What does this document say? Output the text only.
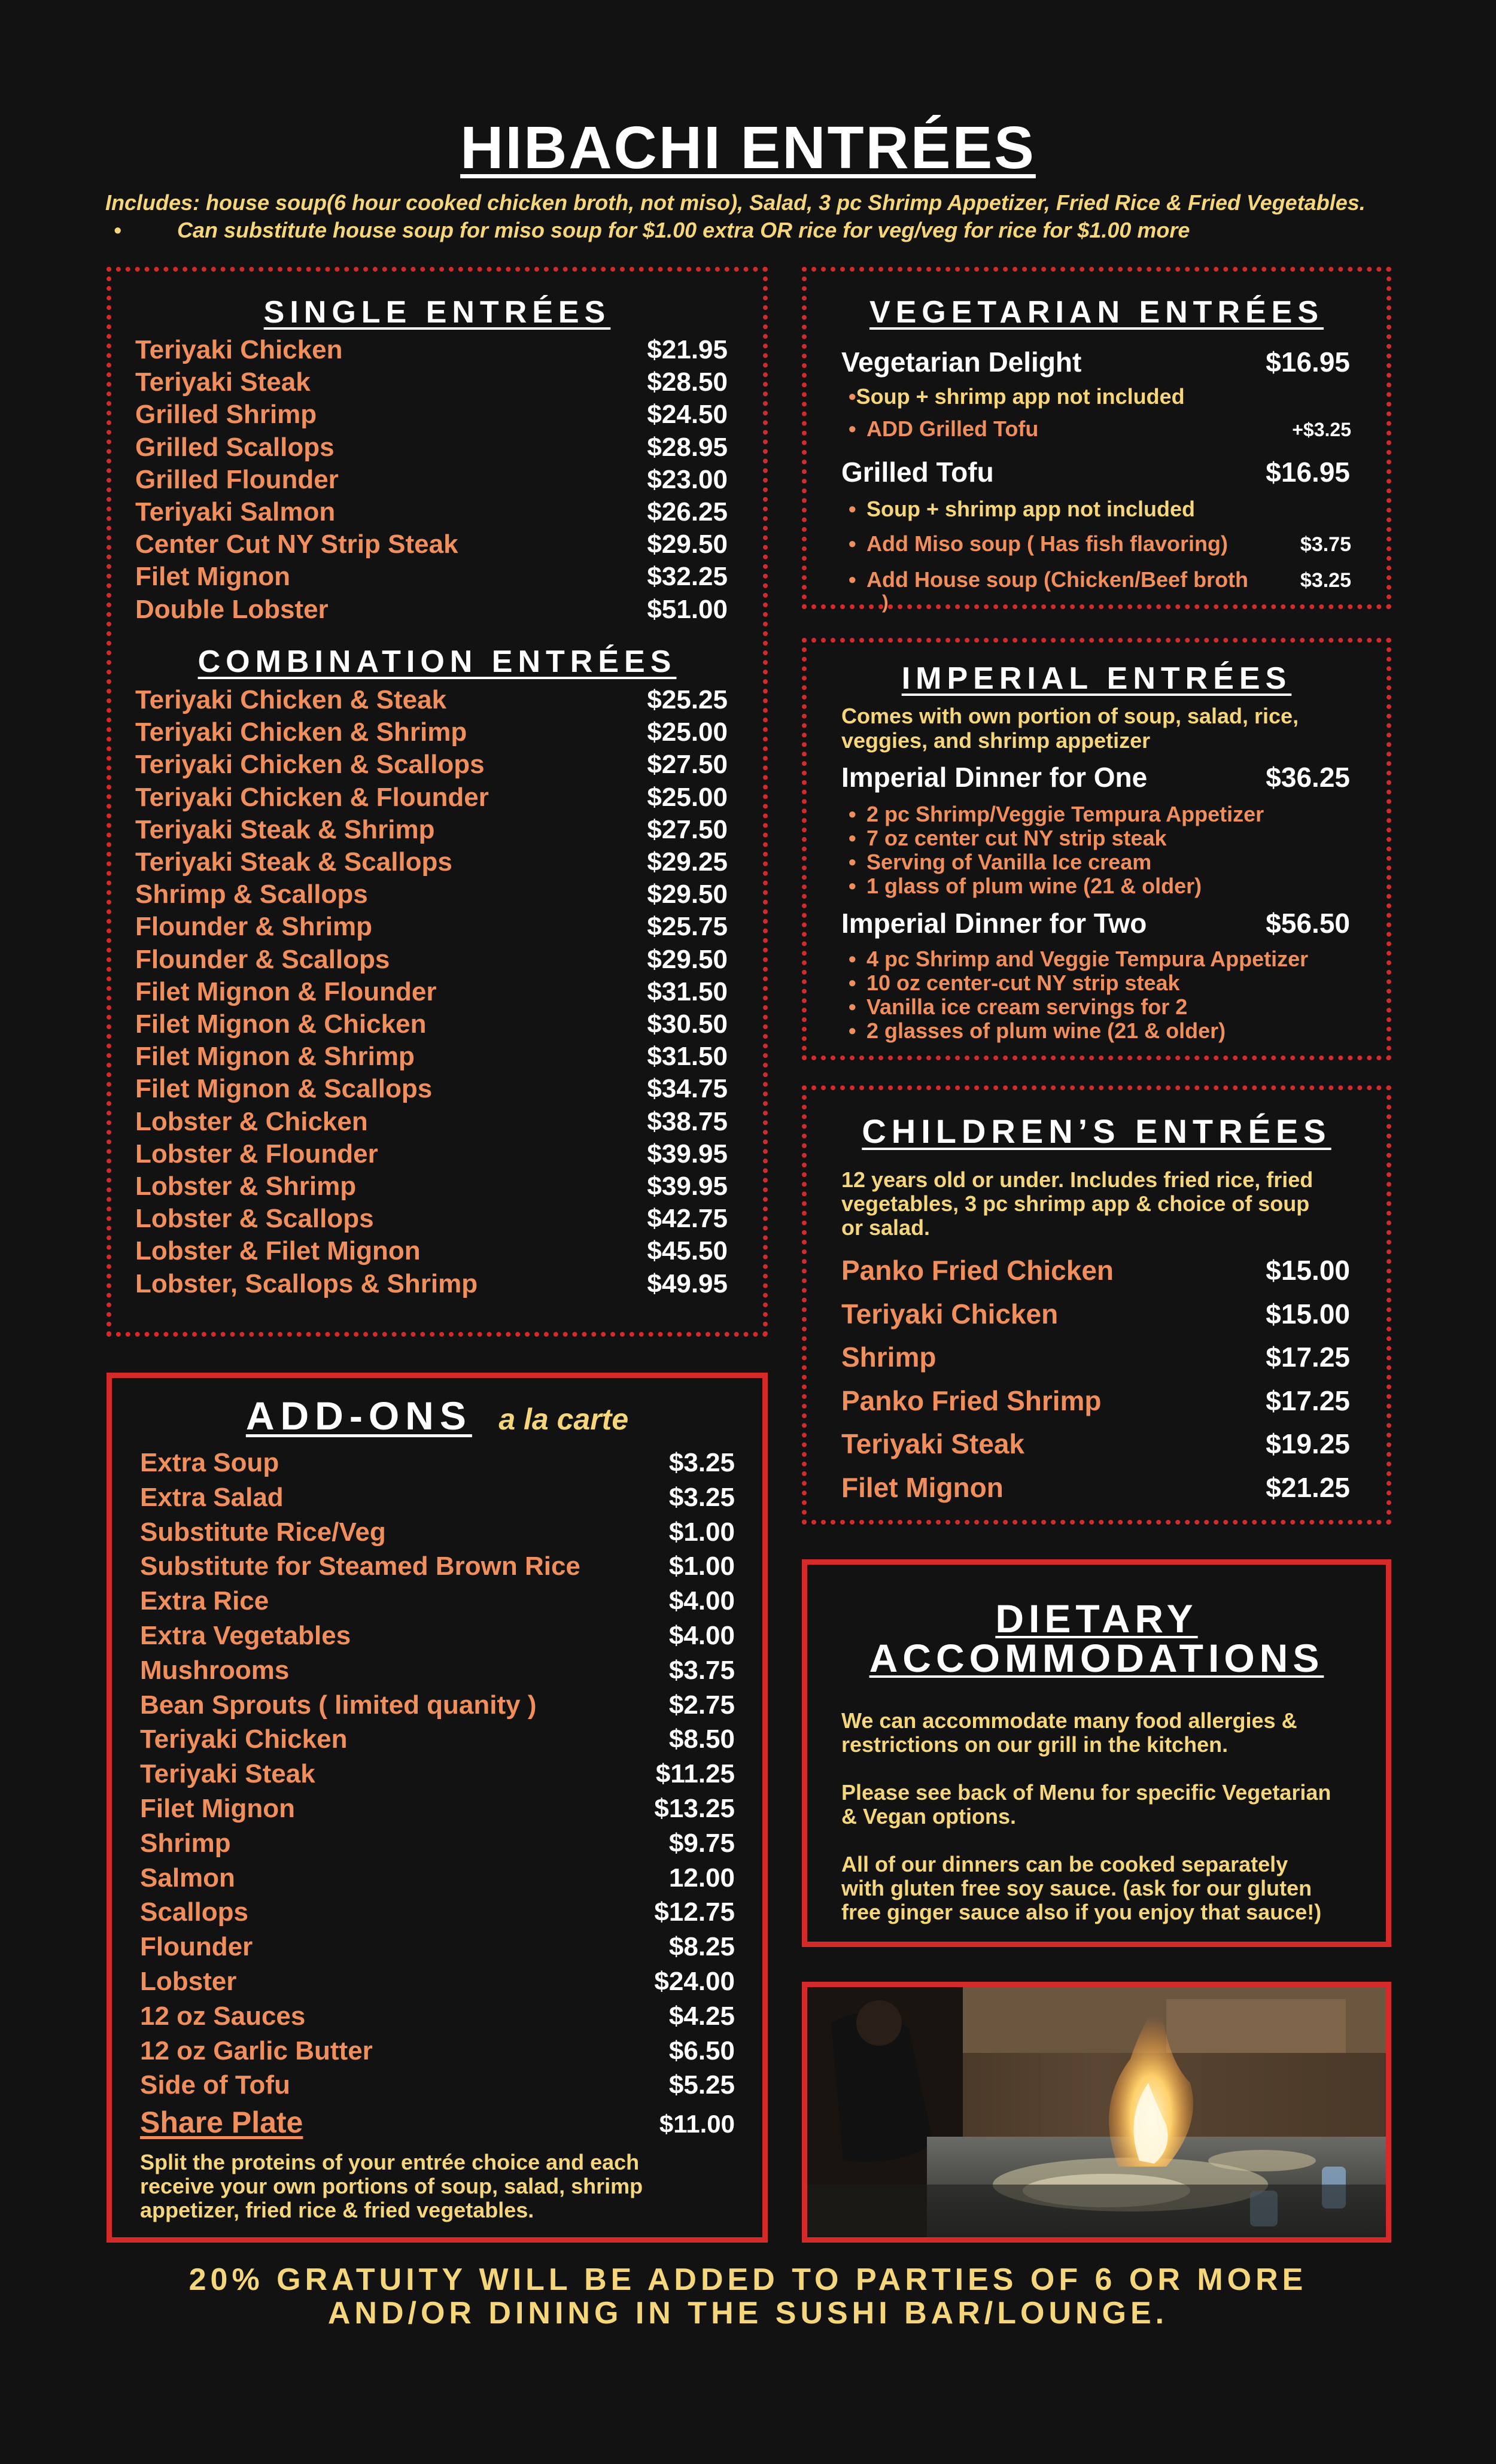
HIBACHI ENTRÉES
Includes: house soup(6 hour cooked chicken broth, not miso), Salad, 3 pc Shrimp Appetizer, Fried Rice & Fried Vegetables.
•	Can substitute house soup for miso soup for $1.00 extra OR rice for veg/veg for rice for $1.00 more
SINGLE ENTRÉES
COMBINATION ENTRÉES
Teriyaki Chicken	$21.95
Teriyaki Steak	$28.50
Grilled Shrimp	$24.50
Grilled Scallops	$28.95
Grilled Flounder	$23.00
Teriyaki Salmon	$26.25
Center Cut NY Strip Steak	$29.50
Filet Mignon	$32.25
Double Lobster	$51.00
Teriyaki Chicken & Steak	$25.25
Teriyaki Chicken & Shrimp	$25.00
Teriyaki Chicken & Scallops	$27.50
Teriyaki Chicken & Flounder	$25.00
Teriyaki Steak & Shrimp	$27.50
Teriyaki Steak & Scallops	$29.25
Shrimp & Scallops	$29.50
Flounder & Shrimp	$25.75
Flounder & Scallops	$29.50
Filet Mignon & Flounder	$31.50
Filet Mignon & Chicken	$30.50
Filet Mignon & Shrimp	$31.50
Filet Mignon & Scallops	$34.75
Lobster & Chicken	$38.75
Lobster & Flounder	$39.95
Lobster & Shrimp	$39.95
Lobster & Scallops	$42.75
Lobster & Filet Mignon	$45.50
Lobster, Scallops & Shrimp	$49.95
VEGETARIAN ENTRÉES
Vegetarian Delight	$16.95
•Soup + shrimp app not included
• ADD Grilled Tofu	+$3.25
Grilled Tofu	$16.95
• Soup + shrimp app not included
• Add Miso soup ( Has fish flavoring)	$3.75
• Add House soup (Chicken/Beef broth	$3.25
)
IMPERIAL ENTRÉES
Comes with own portion of soup, salad, rice,
veggies, and shrimp appetizer
Imperial Dinner for One	$36.25
• 2 pc Shrimp/Veggie Tempura Appetizer
• 7 oz center cut NY strip steak
• Serving of Vanilla Ice cream
• 1 glass of plum wine (21 & older)
Imperial Dinner for Two	$56.50
• 4 pc Shrimp and Veggie Tempura Appetizer
• 10 oz center-cut NY strip steak
• Vanilla ice cream servings for 2
• 2 glasses of plum wine (21 & older)
CHILDREN’S ENTRÉES
12 years old or under. Includes fried rice, fried
vegetables, 3 pc shrimp app & choice of soup
or salad.
Panko Fried Chicken	$15.00
Teriyaki Chicken	$15.00
Shrimp	$17.25
Panko Fried Shrimp	$17.25
Teriyaki Steak	$19.25
Filet Mignon	$21.25
ADD-ONS a la carte
Extra Soup	$3.25
Extra Salad	$3.25
Substitute Rice/Veg	$1.00
Substitute for Steamed Brown Rice	$1.00
Extra Rice	$4.00
Extra Vegetables	$4.00
Mushrooms	$3.75
Bean Sprouts ( limited quanity )	$2.75
Teriyaki Chicken	$8.50
Teriyaki Steak	$11.25
Filet Mignon	$13.25
Shrimp	$9.75
Salmon	12.00
Scallops	$12.75
Flounder	$8.25
Lobster	$24.00
12 oz Sauces	$4.25
12 oz Garlic Butter	$6.50
Side of Tofu	$5.25
Share Plate	$11.00
Split the proteins of your entrée choice and each
receive your own portions of soup, salad, shrimp
appetizer, fried rice & fried vegetables.
DIETARY
ACCOMMODATIONS
We can accommodate many food allergies &
restrictions on our grill in the kitchen.
Please see back of Menu for specific Vegetarian
& Vegan options.
All of our dinners can be cooked separately
with gluten free soy sauce. (ask for our gluten
free ginger sauce also if you enjoy that sauce!)
20% GRATUITY WILL BE ADDED TO PARTIES OF 6 OR MORE
AND/OR DINING IN THE SUSHI BAR/LOUNGE.
